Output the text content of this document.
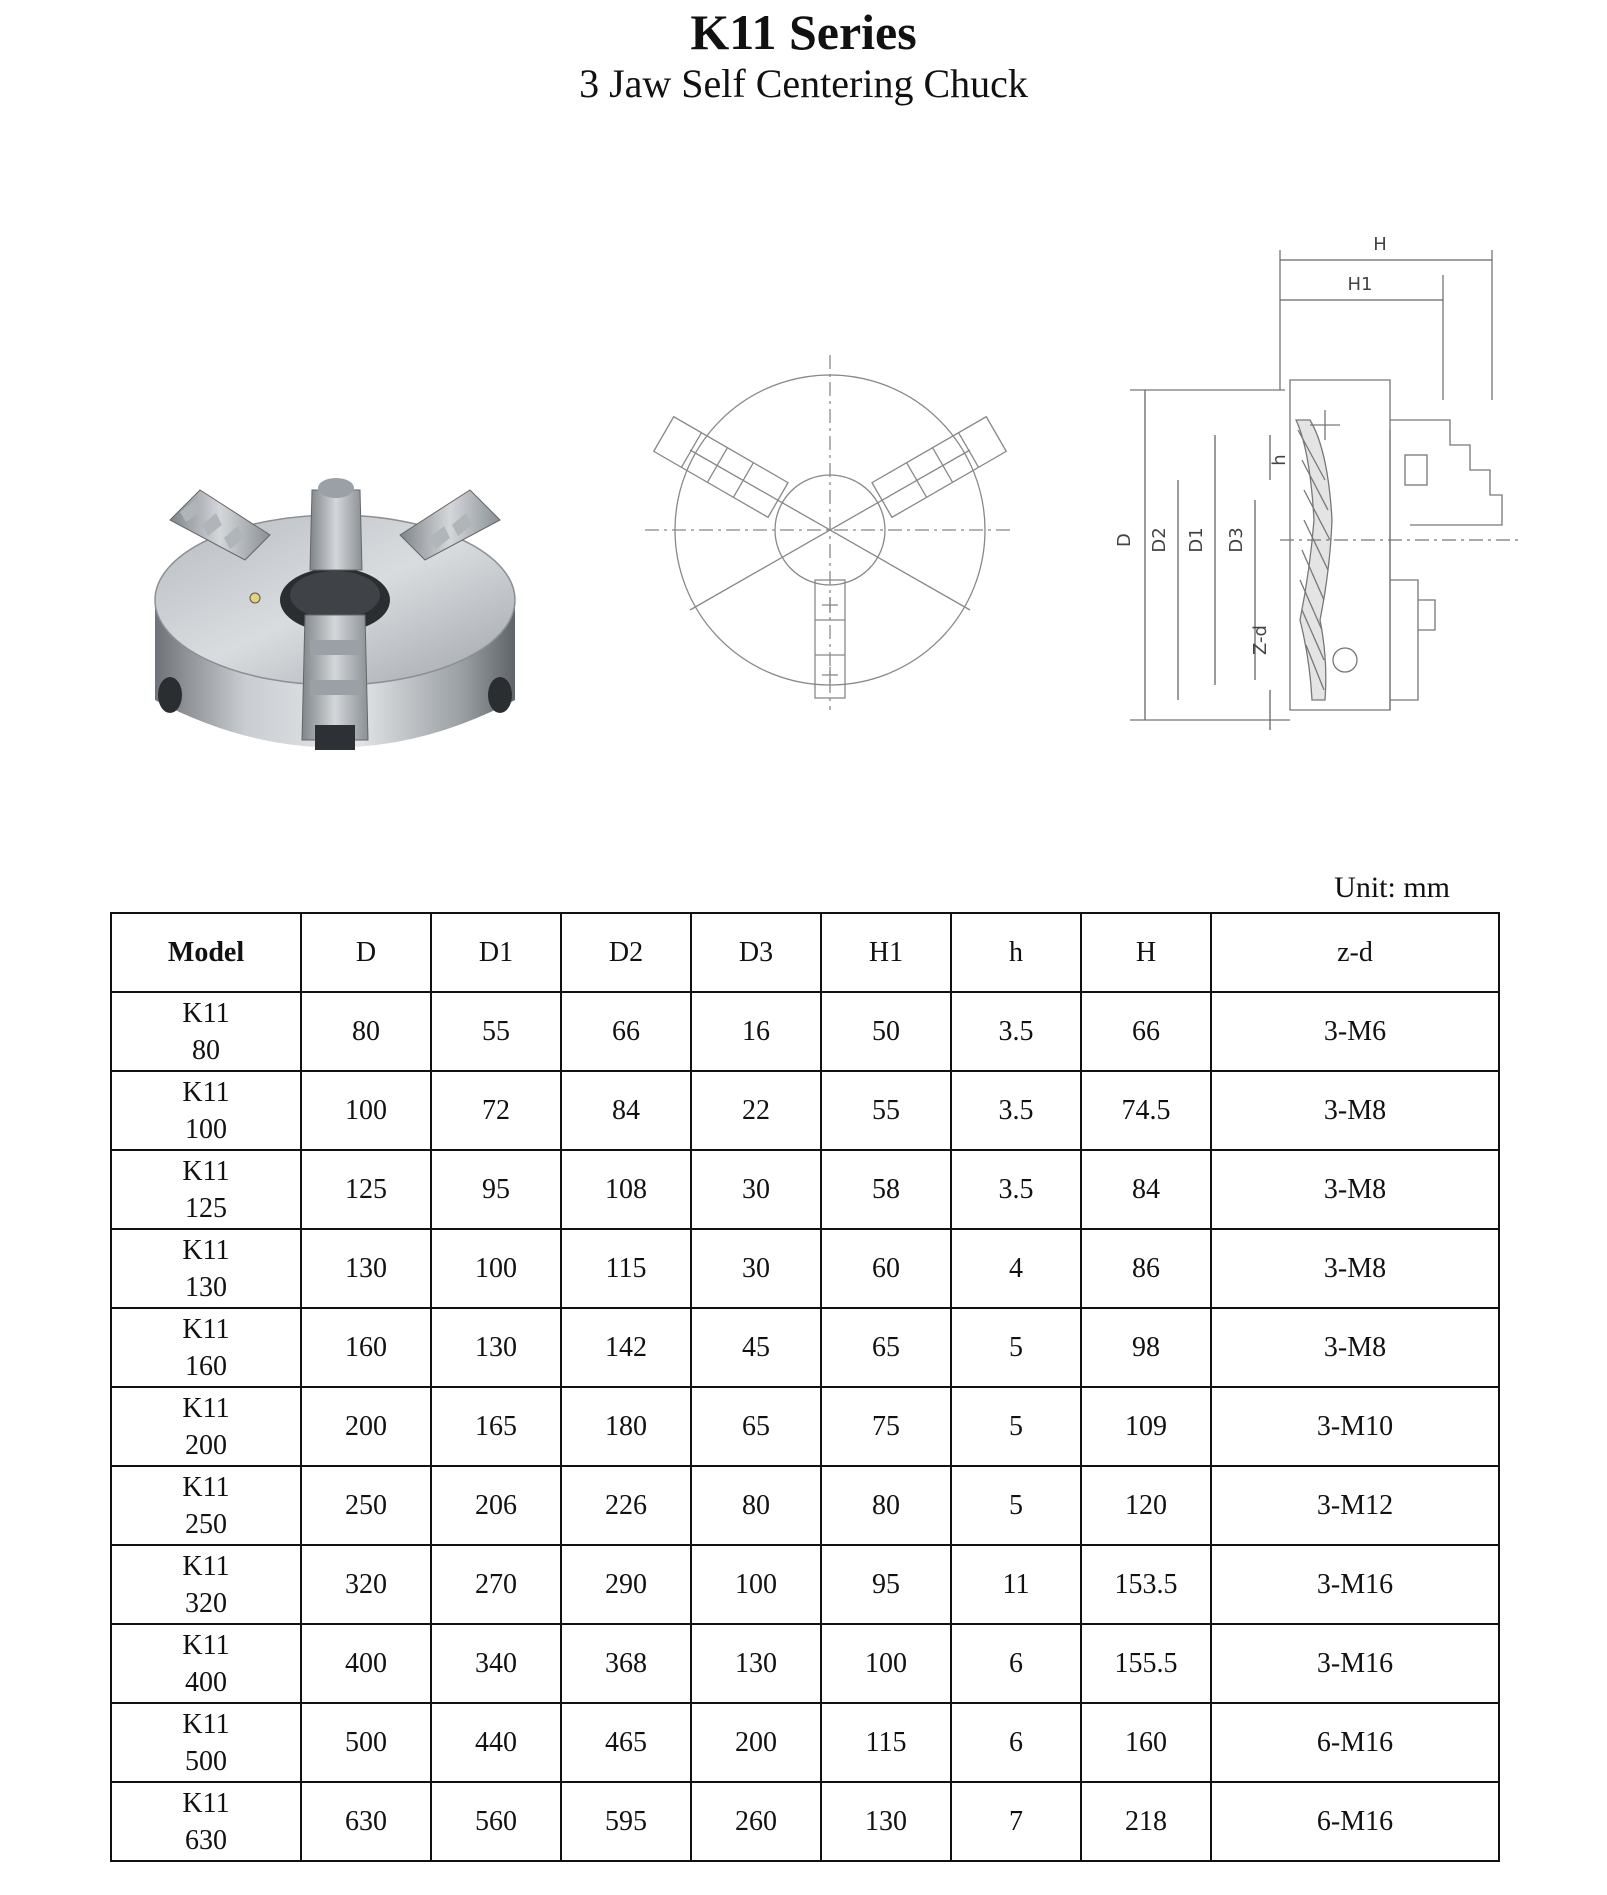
K11 Series
3 Jaw Self Centering Chuck
H
H1
h
D D2 D1 D3
Z-d
Unit: mm
Model	D	D1	D2	D3	H1	h	H	z-d

K11
80	80	55	66	16	50	3.5	66	3-M6

K11
100	100	72	84	22	55	3.5	74.5	3-M8

K11
125	125	95	108	30	58	3.5	84	3-M8

K11
130	130	100	115	30	60	4	86	3-M8

K11
160	160	130	142	45	65	5	98	3-M8

K11
200	200	165	180	65	75	5	109	3-M10

K11
250	250	206	226	80	80	5	120	3-M12

K11
320	320	270	290	100	95	11	153.5	3-M16

K11
400	400	340	368	130	100	6	155.5	3-M16

K11
500	500	440	465	200	115	6	160	6-M16

K11
630	630	560	595	260	130	7	218	6-M16
